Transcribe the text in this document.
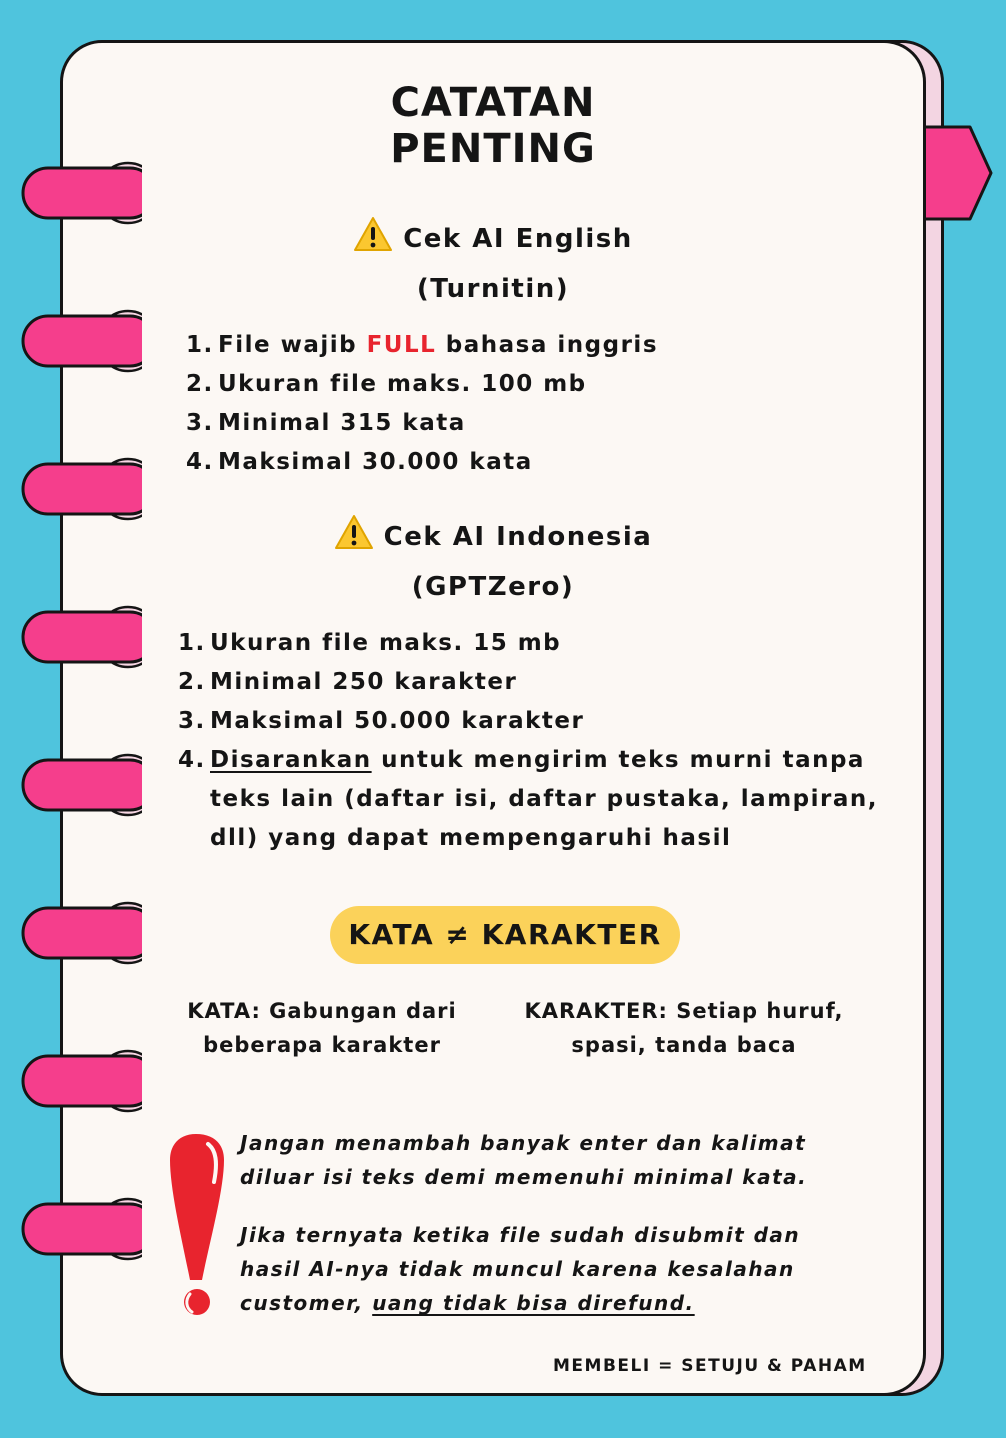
CATATAN
PENTING
Cek AI English
(Turnitin)
1. File wajib FULL bahasa inggris
2. Ukuran file maks. 100 mb
3. Minimal 315 kata
4. Maksimal 30.000 kata
Cek AI Indonesia
(GPTZero)
1. Ukuran file maks. 15 mb
2. Minimal 250 karakter
3. Maksimal 50.000 karakter
4. Disarankan untuk mengirim teks murni tanpa
teks lain (daftar isi, daftar pustaka, lampiran,
dll) yang dapat mempengaruhi hasil
KATA ≠ KARAKTER
KATA: Gabungan dari
beberapa karakter
KARAKTER: Setiap huruf,
spasi, tanda baca
Jangan menambah banyak enter dan kalimat
diluar isi teks demi memenuhi minimal kata.
Jika ternyata ketika file sudah disubmit dan
hasil AI-nya tidak muncul karena kesalahan
customer, uang tidak bisa direfund.
MEMBELI = SETUJU & PAHAM
